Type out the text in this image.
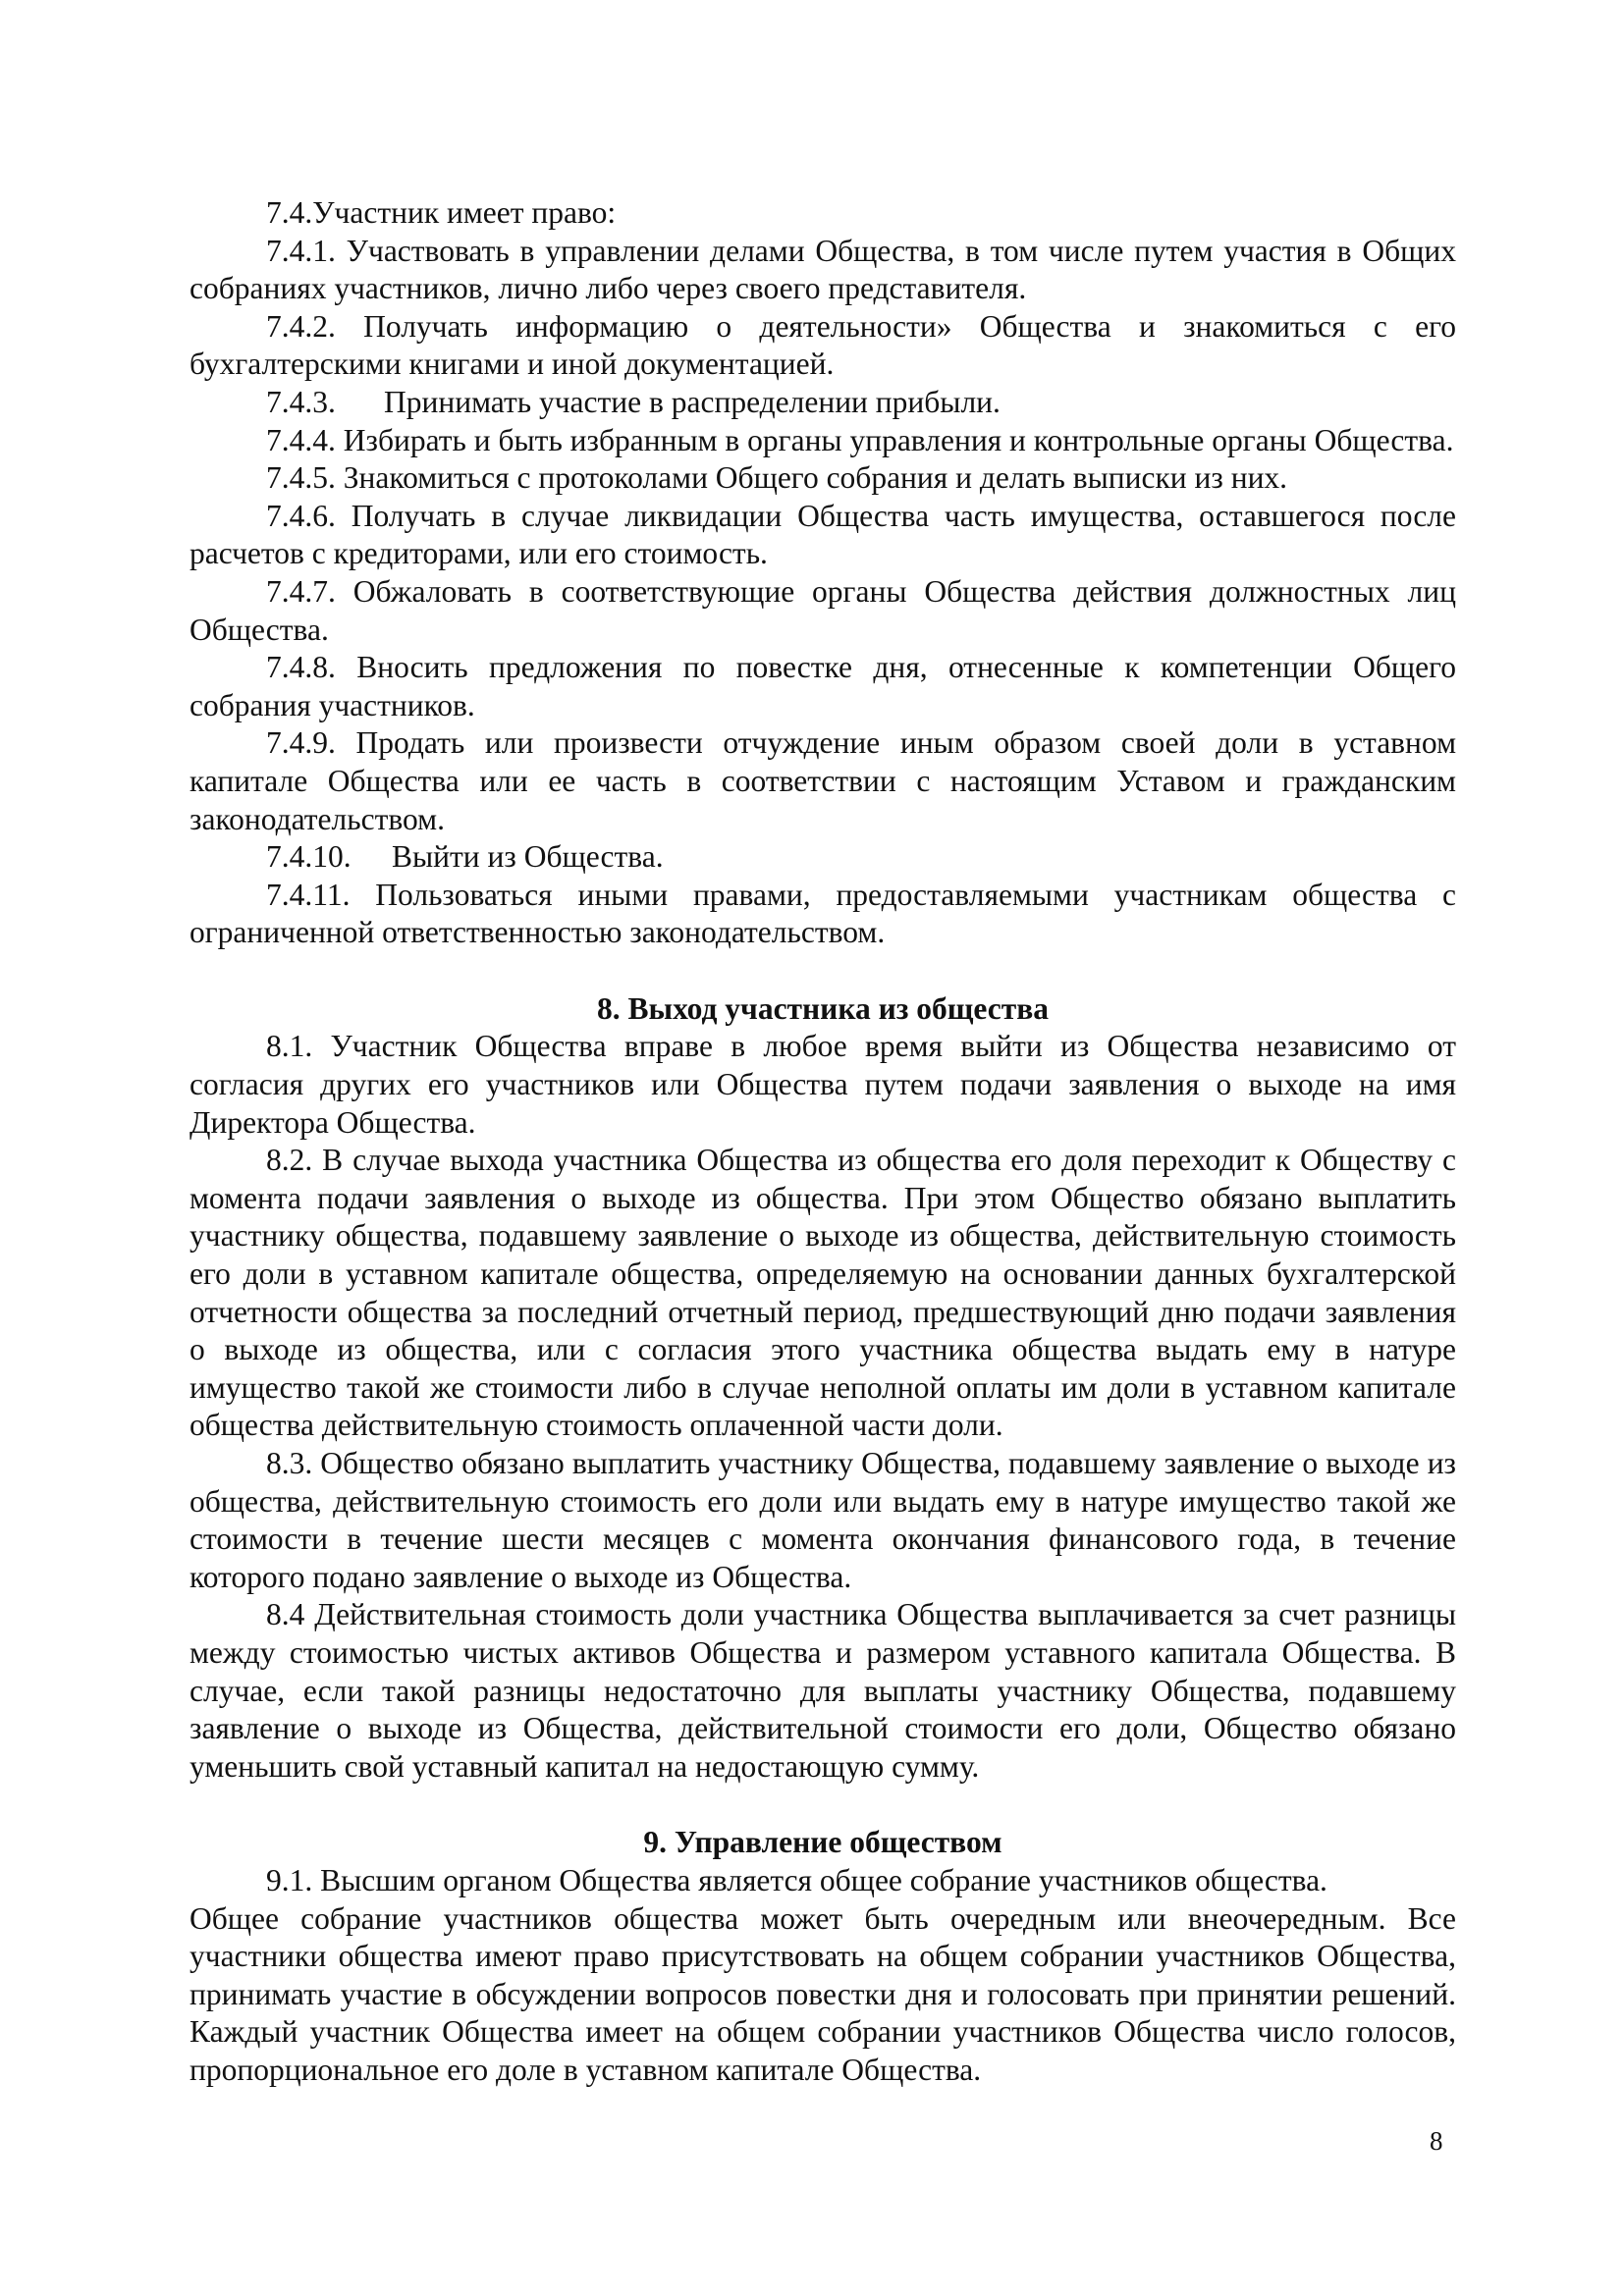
7.4.Участник имеет право:

7.4.1. Участвовать в управлении делами Общества, в том числе путем участия в Общих собраниях участников, лично либо через своего представителя.

7.4.2. Получать информацию о деятельности» Общества и знакомиться с его бухгалтерскими книгами и иной документацией.

7.4.3. Принимать участие в распределении прибыли.

7.4.4. Избирать и быть избранным в органы управления и контрольные органы Общества.

7.4.5. Знакомиться с протоколами Общего собрания и делать выписки из них.

7.4.6. Получать в случае ликвидации Общества часть имущества, оставшегося после расчетов с кредиторами, или его стоимость.

7.4.7. Обжаловать в соответствующие органы Общества действия должностных лиц Общества.

7.4.8. Вносить предложения по повестке дня, отнесенные к компетенции Общего собрания участников.

7.4.9. Продать или произвести отчуждение иным образом своей доли в уставном капитале Общества или ее часть в соответствии с настоящим Уставом и гражданским законодательством.

7.4.10. Выйти из Общества.

7.4.11. Пользоваться иными правами, предоставляемыми участникам общества с ограниченной ответственностью законодательством.

8. Выход участника из общества

8.1. Участник Общества вправе в любое время выйти из Общества независимо от согласия других его участников или Общества путем подачи заявления о выходе на имя Директора Общества.

8.2. В случае выхода участника Общества из общества его доля переходит к Обществу с момента подачи заявления о выходе из общества. При этом Общество обязано выплатить участнику общества, подавшему заявление о выходе из общества, действительную стоимость его доли в уставном капитале общества, определяемую на основании данных бухгалтерской отчетности общества за последний отчетный период, предшествующий дню подачи заявления о выходе из общества, или с согласия этого участника общества выдать ему в натуре имущество такой же стоимости либо в случае неполной оплаты им доли в уставном капитале общества действительную стоимость оплаченной части доли.

8.3. Общество обязано выплатить участнику Общества, подавшему заявление о выходе из общества, действительную стоимость его доли или выдать ему в натуре имущество такой же стоимости в течение шести месяцев с момента окончания финансового года, в течение которого подано заявление о выходе из Общества.

8.4 Действительная стоимость доли участника Общества выплачивается за счет разницы между стоимостью чистых активов Общества и размером уставного капитала Общества. В случае, если такой разницы недостаточно для выплаты участнику Общества, подавшему заявление о выходе из Общества, действительной стоимости его доли, Общество обязано уменьшить свой уставный капитал на недостающую сумму.

9. Управление обществом

9.1. Высшим органом Общества является общее собрание участников общества.

Общее собрание участников общества может быть очередным или внеочередным. Все участники общества имеют право присутствовать на общем собрании участников Общества, принимать участие в обсуждении вопросов повестки дня и голосовать при принятии решений. Каждый участник Общества имеет на общем собрании участников Общества число голосов, пропорциональное его доле в уставном капитале Общества.

8
